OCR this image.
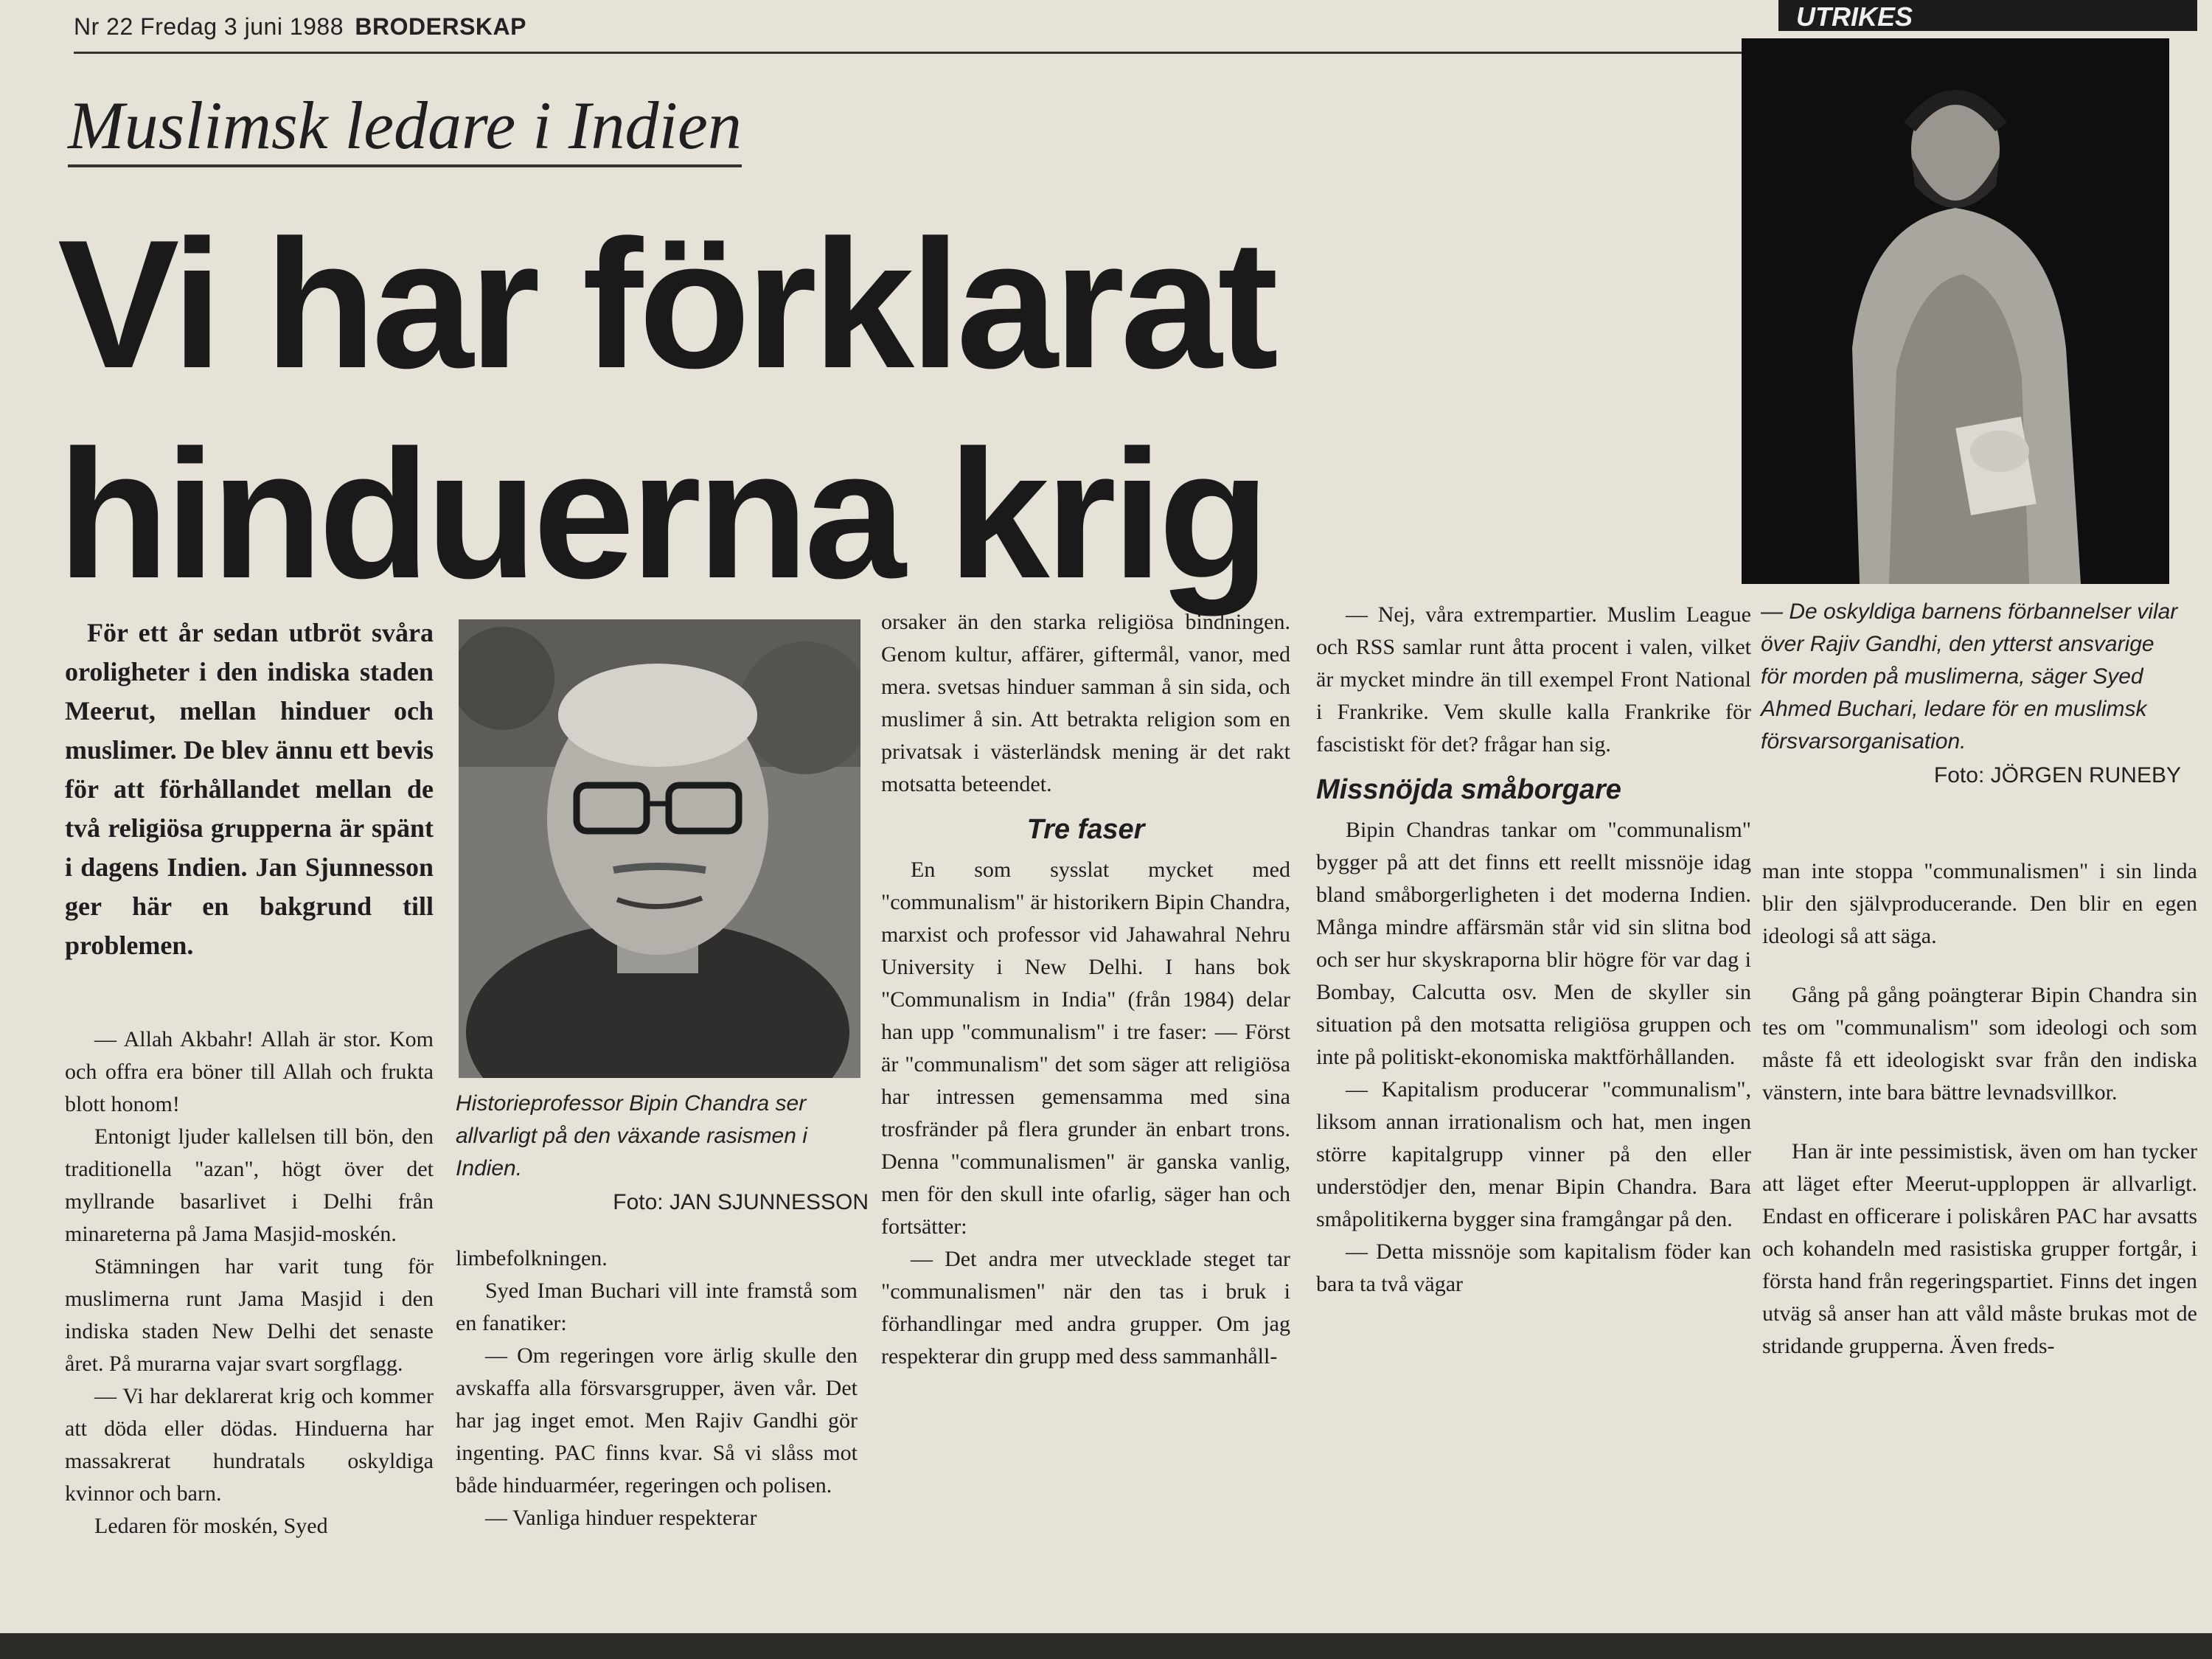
Nr 22 Fredag 3 juni 1988 BRODERSKAP	UTRIKES
Muslimsk ledare i Indien
Vi har förklarat
hinduerna krig
För ett år sedan utbröt svåra oroligheter i den indiska staden Meerut, mellan hinduer och muslimer. De blev ännu ett bevis för att förhållandet mellan de två religiösa grupperna är spänt i dagens Indien. Jan Sjunnesson ger här en bakgrund till problemen.

— Allah Akbahr! Allah är stor. Kom och offra era böner till Allah och frukta blott honom!

Entonigt ljuder kallelsen till bön, den traditionella "azan", högt över det myllrande basarlivet i Delhi från minareterna på Jama Masjid-moskén.

Stämningen har varit tung för muslimerna runt Jama Masjid i den indiska staden New Delhi det senaste året. På murarna vajar svart sorgflagg.

— Vi har deklarerat krig och kommer att döda eller dödas. Hinduerna har massakrerat hundratals oskyldiga kvinnor och barn.

Ledaren för moskén, Syed

Historieprofessor Bipin Chandra ser allvarligt på den växande rasismen i Indien.
Foto: JAN SJUNNESSON

limbefolkningen.

Syed Iman Buchari vill inte framstå som en fanatiker:

— Om regeringen vore ärlig skulle den avskaffa alla försvarsgrupper, även vår. Det har jag inget emot. Men Rajiv Gandhi gör ingenting. PAC finns kvar. Så vi slåss mot både hinduarméer, regeringen och polisen.

— Vanliga hinduer respekterar

orsaker än den starka religiösa bindningen. Genom kultur, affärer, giftermål, vanor, med mera. svetsas hinduer samman å sin sida, och muslimer å sin. Att betrakta religion som en privatsak i västerländsk mening är det rakt motsatta beteendet.

Tre faser

En som sysslat mycket med "communalism" är historikern Bipin Chandra, marxist och professor vid Jahawahral Nehru University i New Delhi. I hans bok "Communalism in India" (från 1984) delar han upp "communalism" i tre faser: — Först är "communalism" det som säger att religiösa har intressen gemensamma med sina trosfränder på flera grunder än enbart trons. Denna "communalismen" är ganska vanlig, men för den skull inte ofarlig, säger han och fortsätter:

— Det andra mer utvecklade steget tar "communalismen" när den tas i bruk i förhandlingar med andra grupper. Om jag respekterar din grupp med dess sammanhåll-

— Nej, våra extrempartier. Muslim League och RSS samlar runt åtta procent i valen, vilket är mycket mindre än till exempel Front National i Frankrike. Vem skulle kalla Frankrike för fascistiskt för det? frågar han sig.

Missnöjda småborgare

Bipin Chandras tankar om "communalism" bygger på att det finns ett reellt missnöje idag bland småborgerligheten i det moderna Indien. Många mindre affärsmän står vid sin slitna bod och ser hur skyskraporna blir högre för var dag i Bombay, Calcutta osv. Men de skyller sin situation på den motsatta religiösa gruppen och inte på politiskt-ekonomiska maktförhållanden.

— Kapitalism producerar "communalism", liksom annan irrationalism och hat, men ingen större kapitalgrupp vinner på den eller understödjer den, menar Bipin Chandra. Bara småpolitikerna bygger sina framgångar på den.

— Detta missnöje som kapitalism föder kan bara ta två vägar

— De oskyldiga barnens förbannelser vilar över Rajiv Gandhi, den ytterst ansvarige för morden på muslimerna, säger Syed Ahmed Buchari, ledare för en muslimsk försvarsorganisation.
Foto: JÖRGEN RUNEBY

man inte stoppa "communalismen" i sin linda blir den självproducerande. Den blir en egen ideologi så att säga.

Gång på gång poängterar Bipin Chandra sin tes om "communalism" som ideologi och som måste få ett ideologiskt svar från den indiska vänstern, inte bara bättre levnadsvillkor.

Han är inte pessimistisk, även om han tycker att läget efter Meerut-upploppen är allvarligt. Endast en officerare i poliskåren PAC har avsatts och kohandeln med rasistiska grupper fortgår, i första hand från regeringspartiet. Finns det ingen utväg så anser han att våld måste brukas mot de stridande grupperna. Även freds-
